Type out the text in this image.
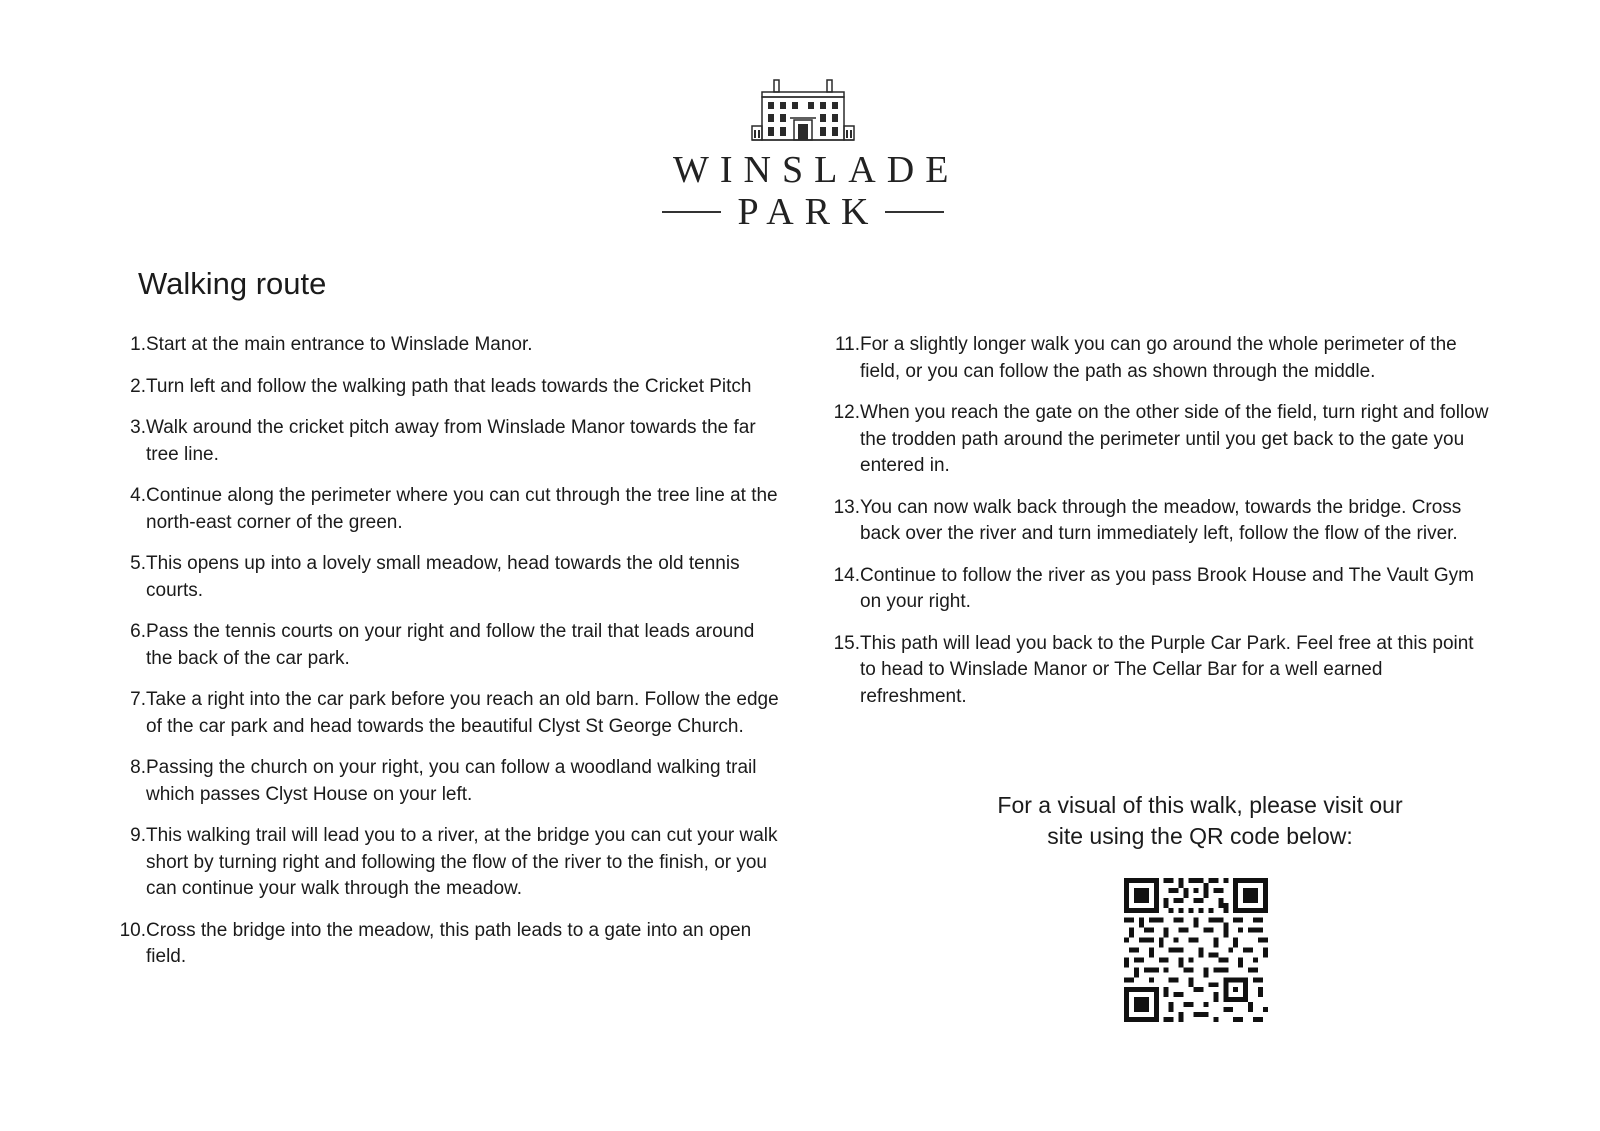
WINSLADE
PARK
Walking route
1. Start at the main entrance to Winslade Manor.
2. Turn left and follow the walking path that leads towards the Cricket Pitch
3. Walk around the cricket pitch away from Winslade Manor towards the far tree line.
4. Continue along the perimeter where you can cut through the tree line at the north-east corner of the green.
5. This opens up into a lovely small meadow, head towards the old tennis courts.
6. Pass the tennis courts on your right and follow the trail that leads around the back of the car park.
7. Take a right into the car park before you reach an old barn. Follow the edge of the car park and head towards the beautiful Clyst St George Church.
8. Passing the church on your right, you can follow a woodland walking trail which passes Clyst House on your left.
9. This walking trail will lead you to a river, at the bridge you can cut your walk short by turning right and following the flow of the river to the finish, or you can continue your walk through the meadow.
10. Cross the bridge into the meadow, this path leads to a gate into an open field.
11. For a slightly longer walk you can go around the whole perimeter of the field, or you can follow the path as shown through the middle.
12. When you reach the gate on the other side of the field, turn right and follow the trodden path around the perimeter until you get back to the gate you entered in.
13. You can now walk back through the meadow, towards the bridge. Cross back over the river and turn immediately left, follow the flow of the river.
14. Continue to follow the river as you pass Brook House and The Vault Gym on your right.
15. This path will lead you back to the Purple Car Park. Feel free at this point to head to Winslade Manor or The Cellar Bar for a well earned refreshment.
For a visual of this walk, please visit our
site using the QR code below:
